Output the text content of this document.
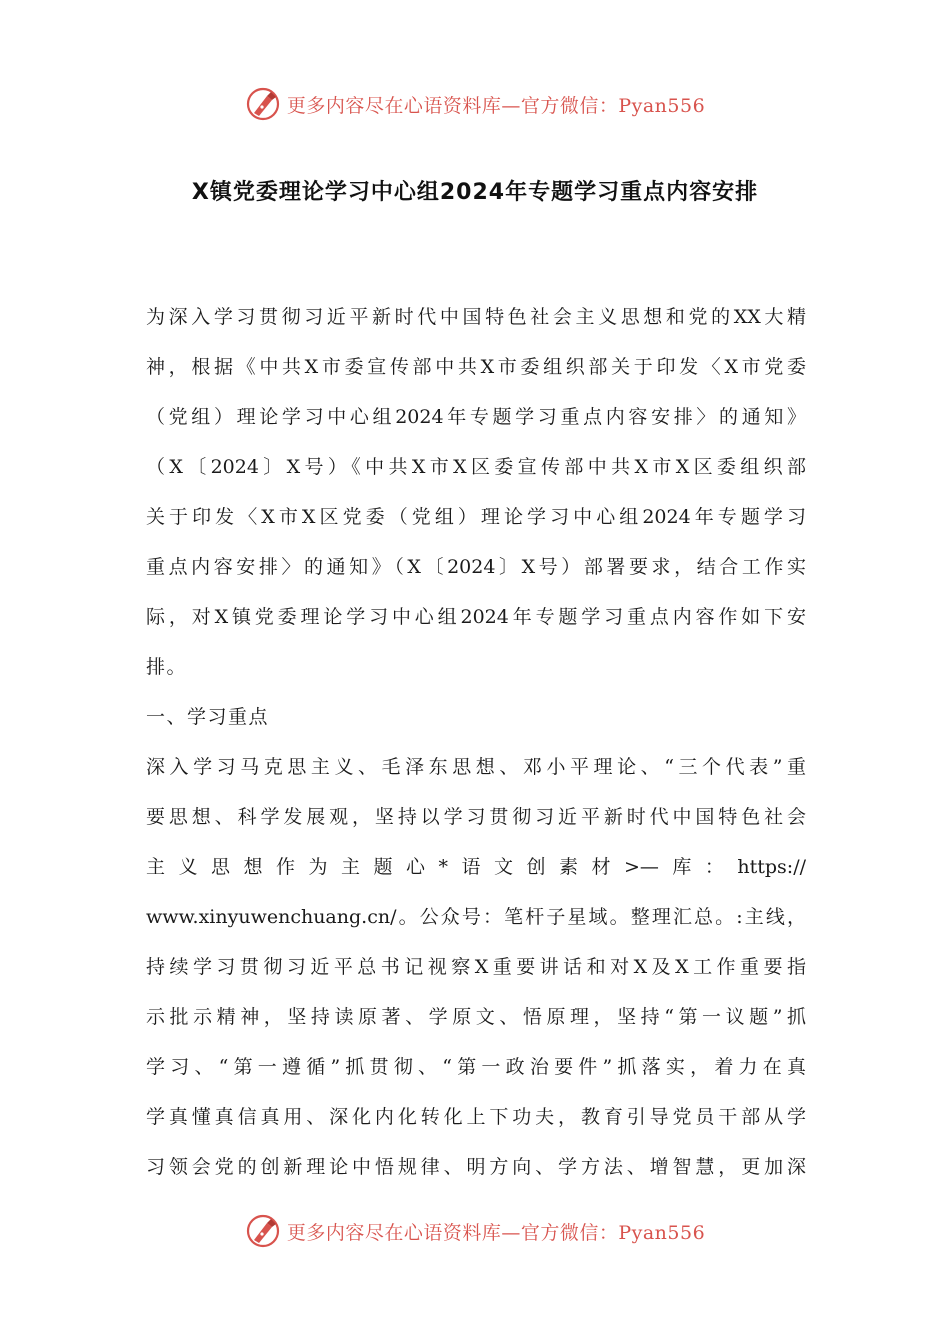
更多内容尽在心语资料库—官方微信：Pyan556
X镇党委理论学习中心组2024年专题学习重点内容安排
为深入学习贯彻习近平新时代中国特色社会主义思想和党的XX大精
神，根据《中共X市委宣传部中共X市委组织部关于印发〈X市党委
（党组）理论学习中心组2024年专题学习重点内容安排〉的通知》
（X〔2024〕X号）《中共X市X区委宣传部中共X市X区委组织部
关于印发〈X市X区党委（党组）理论学习中心组2024年专题学习
重点内容安排〉的通知》（X〔2024〕X号）部署要求，结合工作实
际，对X镇党委理论学习中心组2024年专题学习重点内容作如下安
排。
一、学习重点
深入学习马克思主义、毛泽东思想、邓小平理论、“三个代表”重
要思想、科学发展观，坚持以学习贯彻习近平新时代中国特色社会
主义思想作为主题心*语文创素材>—库：https://
www.xinyuwenchuang.cn/。公众号：笔杆子星域。整理汇总。:主线，
持续学习贯彻习近平总书记视察X重要讲话和对X及X工作重要指
示批示精神，坚持读原著、学原文、悟原理，坚持“第一议题”抓
学习、“第一遵循”抓贯彻、“第一政治要件”抓落实，着力在真
学真懂真信真用、深化内化转化上下功夫，教育引导党员干部从学
习领会党的创新理论中悟规律、明方向、学方法、增智慧，更加深
更多内容尽在心语资料库—官方微信：Pyan556
